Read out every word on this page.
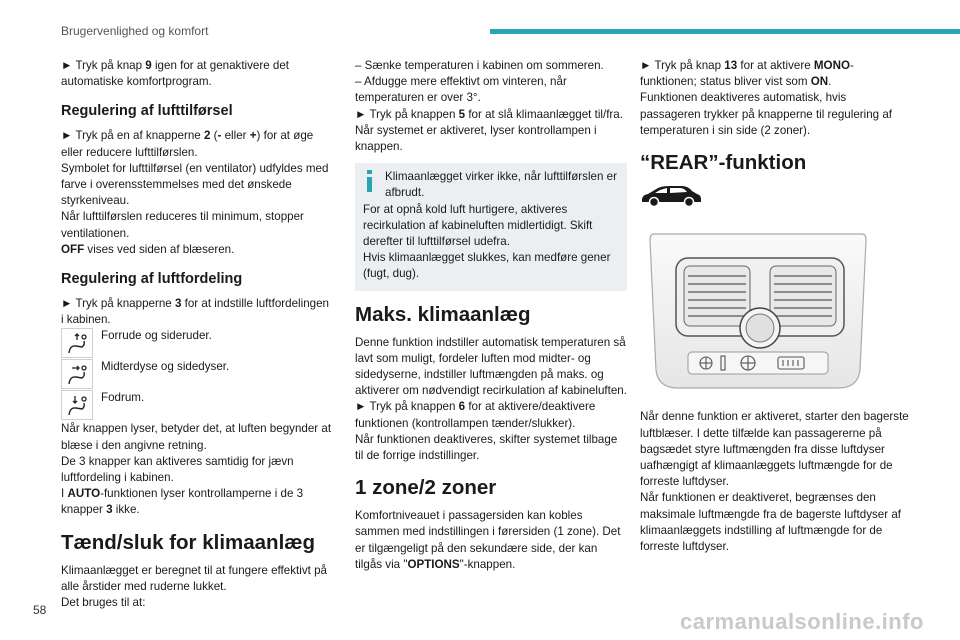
Brugervenlighed og komfort

► Tryk på knap 9 igen for at genaktivere det automatiske komfortprogram.

Regulering af lufttilførsel

► Tryk på en af knapperne 2 (- eller +) for at øge eller reducere lufttilførslen.

Symbolet for lufttilførsel (en ventilator) udfyldes med farve i overensstemmelses med det ønskede styrkeniveau.

Når lufttilførslen reduceres til minimum, stopper ventilationen.

OFF vises ved siden af blæseren.

Regulering af luftfordeling

► Tryk på knapperne 3 for at indstille luftfordelingen i kabinen.

Forrude og sideruder.
Midterdyse og sidedyser.
Fodrum.

Når knappen lyser, betyder det, at luften begynder at blæse i den angivne retning.

De 3 knapper kan aktiveres samtidig for jævn luftfordeling i kabinen.

I AUTO-funktionen lyser kontrollamperne i de 3 knapper 3 ikke.

Tænd/sluk for klimaanlæg

Klimaanlægget er beregnet til at fungere effektivt på alle årstider med ruderne lukket.

Det bruges til at:

– Sænke temperaturen i kabinen om sommeren.

– Afdugge mere effektivt om vinteren, når temperaturen er over 3°.

► Tryk på knappen 5 for at slå klimaanlægget til/fra.

Når systemet er aktiveret, lyser kontrollampen i knappen.

Klimaanlægget virker ikke, når lufttilførslen er afbrudt.

For at opnå kold luft hurtigere, aktiveres recirkulation af kabineluften midlertidigt. Skift derefter til lufttilførsel udefra.

Hvis klimaanlægget slukkes, kan medføre gener (fugt, dug).

Maks. klimaanlæg

Denne funktion indstiller automatisk temperaturen så lavt som muligt, fordeler luften mod midter- og sidedyserne, indstiller luftmængden på maks. og aktiverer om nødvendigt recirkulation af kabineluften.

► Tryk på knappen 6 for at aktivere/deaktivere funktionen (kontrollampen tænder/slukker).

Når funktionen deaktiveres, skifter systemet tilbage til de forrige indstillinger.

1 zone/2 zoner

Komfortniveauet i passagersiden kan kobles sammen med indstillingen i førersiden (1 zone). Det er tilgængeligt på den sekundære side, der kan tilgås via "OPTIONS"-knappen.

► Tryk på knap 13 for at aktivere MONO-funktionen; status bliver vist som ON.

Funktionen deaktiveres automatisk, hvis passageren trykker på knapperne til regulering af temperaturen i sin side (2 zoner).

“REAR”-funktion

Når denne funktion er aktiveret, starter den bagerste luftblæser. I dette tilfælde kan passagererne på bagsædet styre luftmængden fra disse luftdyser uafhængigt af klimaanlæggets luftmængde for de forreste luftdyser.

Når funktionen er deaktiveret, begrænses den maksimale luftmængde fra de bagerste luftdyser af klimaanlæggets indstilling af luftmængde for de forreste luftdyser.

58	carmanualsonline.info
